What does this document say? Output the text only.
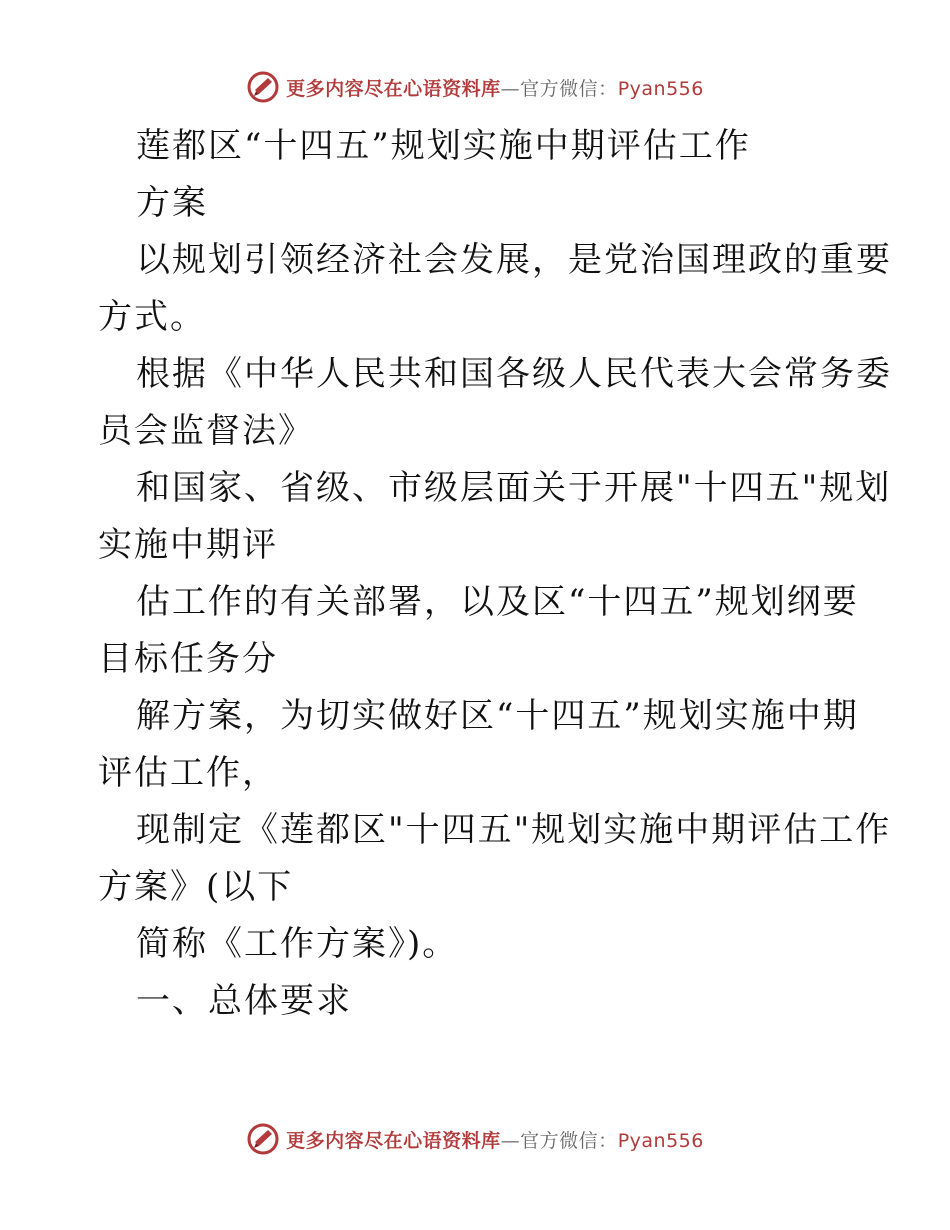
更多内容尽在心语资料库—官方微信：Pyan556
莲都区“十四五”规划实施中期评估工作
方案
以规划引领经济社会发展，是党治国理政的重要
方式。
根据《中华人民共和国各级人民代表大会常务委
员会监督法》
和国家、省级、市级层面关于开展"十四五"规划
实施中期评
估工作的有关部署，以及区“十四五”规划纲要
目标任务分
解方案，为切实做好区“十四五”规划实施中期
评估工作，
现制定《莲都区"十四五"规划实施中期评估工作
方案》(以下
简称《工作方案》)。
一、总体要求
更多内容尽在心语资料库—官方微信：Pyan556
